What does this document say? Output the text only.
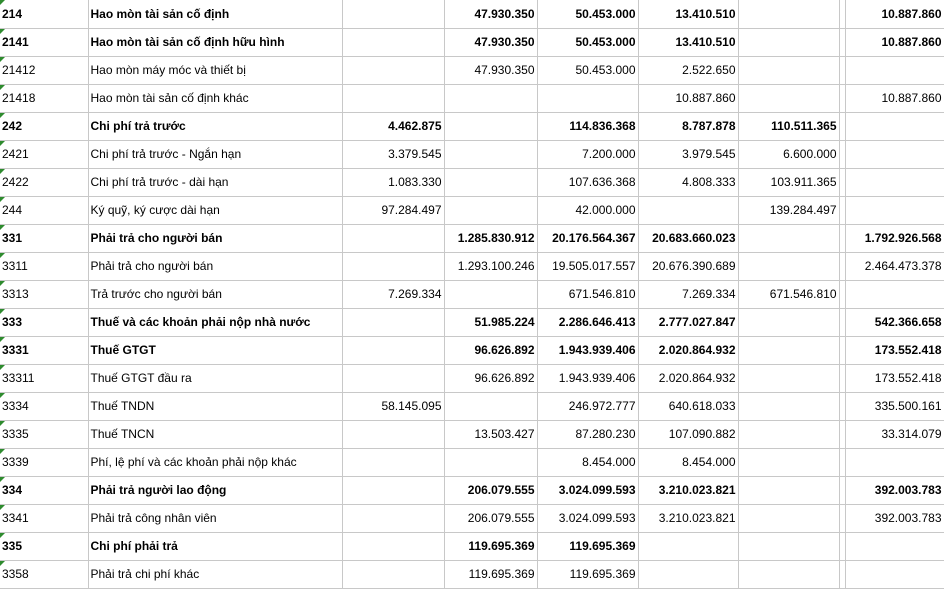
214	Hao mòn tài sản cố định		47.930.350	50.453.000	13.410.510			10.887.860
2141	Hao mòn tài sản cố định hữu hình		47.930.350	50.453.000	13.410.510			10.887.860
21412	Hao mòn máy móc và thiết bị		47.930.350	50.453.000	2.522.650			
21418	Hao mòn tài sản cố định khác				10.887.860			10.887.860
242	Chi phí trả trước	4.462.875		114.836.368	8.787.878	110.511.365		
2421	Chi phí trả trước - Ngắn hạn	3.379.545		7.200.000	3.979.545	6.600.000		
2422	Chi phí trả trước - dài hạn	1.083.330		107.636.368	4.808.333	103.911.365		
244	Ký quỹ, ký cược dài hạn	97.284.497		42.000.000		139.284.497		
331	Phải trả cho người bán		1.285.830.912	20.176.564.367	20.683.660.023			1.792.926.568
3311	Phải trả cho người bán		1.293.100.246	19.505.017.557	20.676.390.689			2.464.473.378
3313	Trả trước cho người bán	7.269.334		671.546.810	7.269.334	671.546.810		
333	Thuế và các khoản phải nộp nhà nước		51.985.224	2.286.646.413	2.777.027.847			542.366.658
3331	Thuế GTGT		96.626.892	1.943.939.406	2.020.864.932			173.552.418
33311	Thuế GTGT đầu ra		96.626.892	1.943.939.406	2.020.864.932			173.552.418
3334	Thuế TNDN	58.145.095		246.972.777	640.618.033			335.500.161
3335	Thuế TNCN		13.503.427	87.280.230	107.090.882			33.314.079
3339	Phí, lệ phí và các khoản phải nộp khác			8.454.000	8.454.000			
334	Phải trả người lao động		206.079.555	3.024.099.593	3.210.023.821			392.003.783
3341	Phải trả công nhân viên		206.079.555	3.024.099.593	3.210.023.821			392.003.783
335	Chi phí phải trả		119.695.369	119.695.369				
3358	Phải trả chi phí khác		119.695.369	119.695.369				
